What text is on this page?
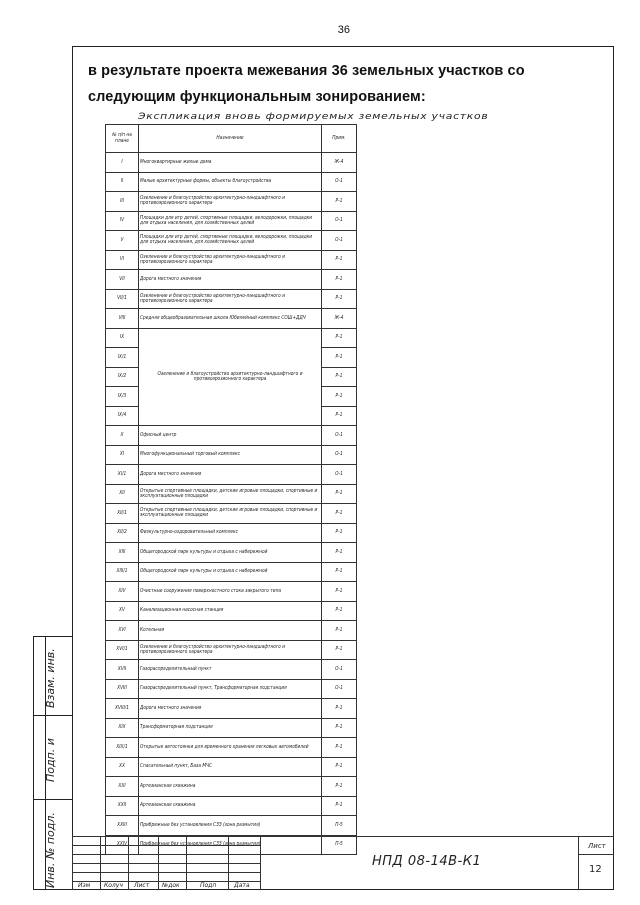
36
в результате проекта межевания 36 земельных участков со следующим функциональным зонированием:
Экспликация вновь формируемых земельных участков
№ п/п на плане	Назначение	Прим.
I	Многоквартирные жилые дома	Ж-4
II	Малые архитектурные формы, объекты благоустройства	О-1
III	Озеленение и благоустройство архитектурно-ландшафтного и противоэрозионного характера	Р-1
IV	Площадки для игр детей, спортивные площадки, велодорожки, площадки для отдыха населения, для хозяйственных целей	О-1
V	Площадки для игр детей, спортивные площадки, велодорожки, площадки для отдыха населения, для хозяйственных целей	О-1
VI	Озеленение и благоустройство архитектурно-ландшафтного и противоэрозионного характера	Р-1
VII	Дорога местного значения	Р-1
VII/1	Озеленение и благоустройство архитектурно-ландшафтного и противоэрозионного характера	Р-1
VIII	Средняя общеобразовательная школа Юбилейный комплекс СОШ+ДДЧ	Ж-4
IX	Озеленение и благоустройство архитектурно-ландшафтного и противоэрозионного характера	Р-1
IX/1		Р-1
IX/2		Р-1
IX/3		Р-1
IX/4		Р-1
X	Офисный центр	О-1
XI	Многофункциональный торговый комплекс	О-1
XI/1	Дорога местного значения	О-1
XII	Открытые спортивные площадки, детские игровые площадки, спортивные и эксплуатационные площадки	Р-1
XII/1	Открытые спортивные площадки, детские игровые площадки, спортивные и эксплуатационные площадки	Р-1
XII/2	Физкультурно-оздоровительный комплекс	Р-1
XIII	Общегородской парк культуры и отдыха с набережной	Р-1
XIII/1	Общегородской парк культуры и отдыха с набережной	Р-1
XIV	Очистные сооружения поверхностного стока закрытого типа	Р-1
XV	Канализационная насосная станция	Р-1
XVI	Котельная	Р-1
XVI/1	Озеленение и благоустройство архитектурно-ландшафтного и противоэрозионного характера	Р-1
XVII	Газораспределительный пункт	О-1
XVIII	Газораспределительный пункт, Трансформаторная подстанция	О-1
XVIII/1	Дорога местного значения	Р-1
XIX	Трансформаторная подстанция	Р-1
XIX/1	Открытые автостоянки для временного хранения легковых автомобилей	Р-1
XX	Спасательный пункт, База МЧС	Р-1
XXI	Артезианская скважина	Р-1
XXII	Артезианская скважина	Р-1
XXIII	Прибрежные без установления СЗЗ (зона размытия)	П-5
XXIV	Прибрежные без установления СЗЗ (зона размытия)	П-5
Взам. инв.
Подп. и
Инв. № подл.	Изм Колуч Лист №док	Подп	Дата
НПД 08-14В-К1
Лист
12
